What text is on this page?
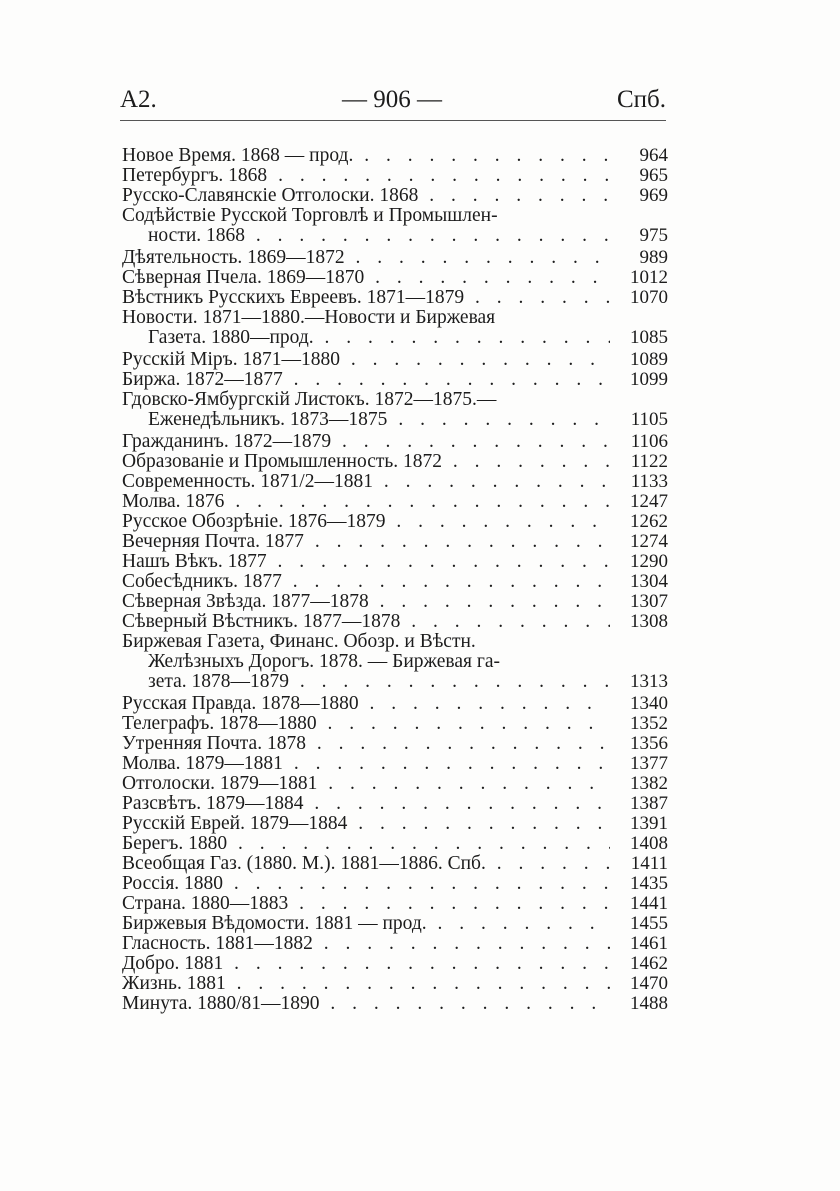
A2.	— 906 —	Спб.
Новое Время. 1868 — прод. . . .	964
Петербургъ. 1868 . . .	965
Русско-Славянскіе Отголоски. 1868 . . .	969
Содѣйствіе Русской Торговлѣ и Промышлен-
ности. 1868 . . .	975
Дѣятельность. 1869—1872 . . .	989
Сѣверная Пчела. 1869—1870 . . .	1012
Вѣстникъ Русскихъ Евреевъ. 1871—1879 . . .	1070
Новости. 1871—1880.—Новости и Биржевая
Газета. 1880—прод. . . .	1085
Русскій Міръ. 1871—1880 . . .	1089
Биржа. 1872—1877 . . .	1099
Гдовско-Ямбургскій Листокъ. 1872—1875.—
Еженедѣльникъ. 1873—1875 . . .	1105
Гражданинъ. 1872—1879 . . .	1106
Образованіе и Промышленность. 1872 . . .	1122
Современность. 1871/2—1881 . . .	1133
Молва. 1876 . . .	1247
Русское Обозрѣніе. 1876—1879 . . .	1262
Вечерняя Почта. 1877 . . .	1274
Нашъ Вѣкъ. 1877 . . .	1290
Собесѣдникъ. 1877 . . .	1304
Сѣверная Звѣзда. 1877—1878 . . .	1307
Сѣверный Вѣстникъ. 1877—1878 . . .	1308
Биржевая Газета, Финанс. Обозр. и Вѣстн.
Желѣзныхъ Дорогъ. 1878. — Биржевая га-
зета. 1878—1879 . . .	1313
Русская Правда. 1878—1880 . . .	1340
Телеграфъ. 1878—1880 . . .	1352
Утренняя Почта. 1878 . . .	1356
Молва. 1879—1881 . . .	1377
Отголоски. 1879—1881 . . .	1382
Разсвѣтъ. 1879—1884 . . .	1387
Русскій Еврей. 1879—1884 . . .	1391
Берегъ. 1880 . . .	1408
Всеобщая Газ. (1880. М.). 1881—1886. Спб. . . .	1411
Россія. 1880 . . .	1435
Страна. 1880—1883 . . .	1441
Биржевыя Вѣдомости. 1881 — прод. . . .	1455
Гласность. 1881—1882 . . .	1461
Добро. 1881 . . .	1462
Жизнь. 1881 . . .	1470
Минута. 1880/81—1890 . . .	1488
